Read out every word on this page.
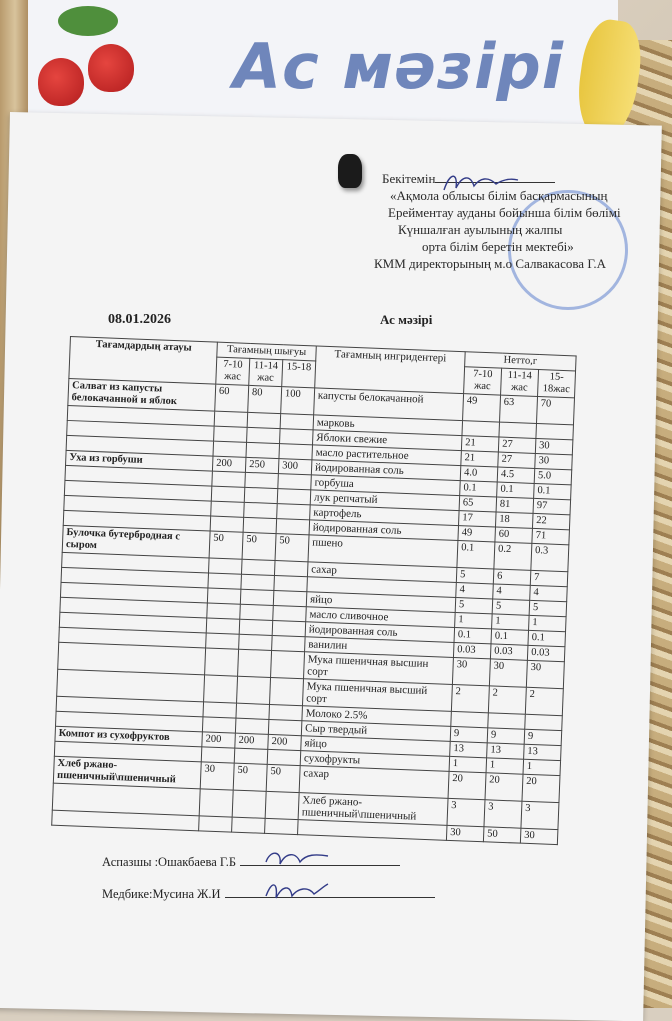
Ас мәзірі
Бекітемін
«Ақмола облысы білім басқармасының
Ерейментау ауданы бойынша білім бөлімі
Күншалған ауылының жалпы
орта білім беретін мектебі»
КММ директорының м.о Салвакасова Г.А
08.01.2026	Ас мәзірі
Тағамдардың атауы	Тағамның шығуы			Тағамның ингридентері	Нетто,г		
	7-10 жас	11-14 жас	15-18		7-10 жас	11-14 жас	15-18жас
Салват из капусты белокачанной и яблок	60	80	100	капусты белокачанной	49	63	70
				марковь			
				Яблоки свежие	21	27	30
				масло растительное	21	27	30
Уха из горбуши	200	250	300	йодированная соль	4.0	4.5	5.0
				горбуша	0.1	0.1	0.1
				лук репчатый	65	81	97
				картофель	17	18	22
				йодированная соль	49	60	71
Булочка бутербродная с сыром	50	50	50	пшено	0.1	0.2	0.3
				сахар	5	6	7
					4	4	4
				яйцо	5	5	5
				масло сливочное	1	1	1
				йодированная соль	0.1	0.1	0.1
				ванилин	0.03	0.03	0.03
				Мука пшеничная высшин сорт	30	30	30
				Мука пшеничная высший сорт	2	2	2
				Молоко 2.5%			
				Сыр твердый	9	9	9
Компот из сухофруктов	200	200	200	яйцо	13	13	13
				сухофрукты	1	1	1
Хлеб ржано-пшеничный\пшеничный	30	50	50	сахар	20	20	20
				Хлеб ржано-пшеничный\пшеничный	3	3	3
					30	50	30
Аспазшы :Ошакбаева Г.Б
Медбике:Мусина Ж.И
